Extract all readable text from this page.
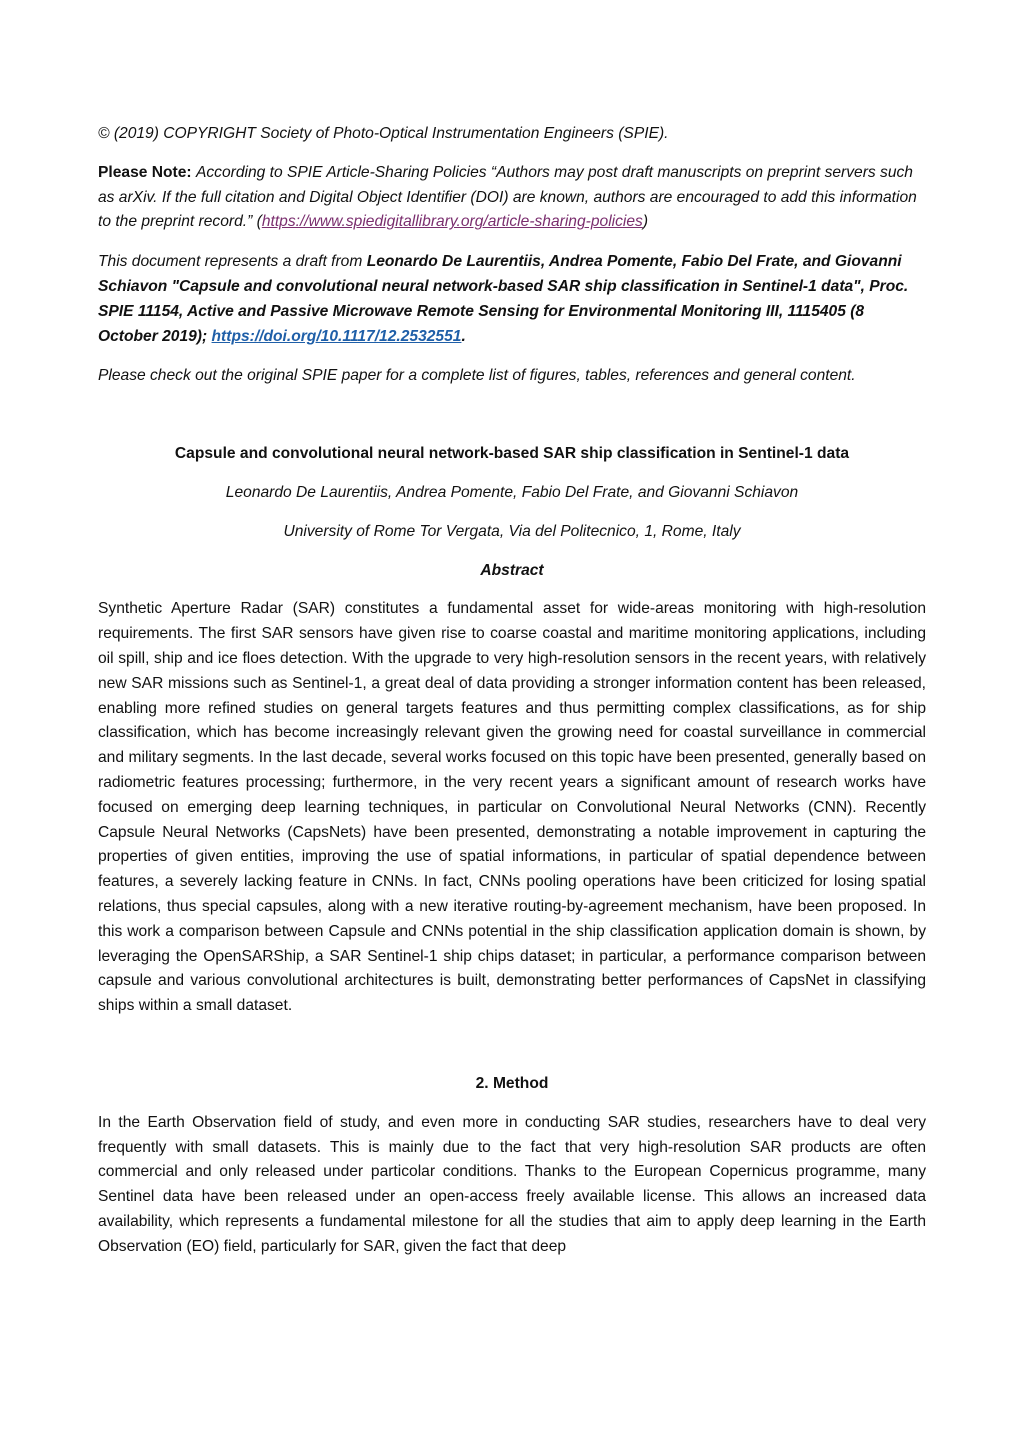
© (2019) COPYRIGHT Society of Photo-Optical Instrumentation Engineers (SPIE).

Please Note: According to SPIE Article-Sharing Policies “Authors may post draft manuscripts on preprint servers such as arXiv. If the full citation and Digital Object Identifier (DOI) are known, authors are encouraged to add this information to the preprint record.” (https://www.spiedigitallibrary.org/article-sharing-policies)

This document represents a draft from Leonardo De Laurentiis, Andrea Pomente, Fabio Del Frate, and Giovanni Schiavon "Capsule and convolutional neural network-based SAR ship classification in Sentinel-1 data", Proc. SPIE 11154, Active and Passive Microwave Remote Sensing for Environmental Monitoring III, 1115405 (8 October 2019); https://doi.org/10.1117/12.2532551.

Please check out the original SPIE paper for a complete list of figures, tables, references and general content.

Capsule and convolutional neural network-based SAR ship classification in Sentinel-1 data

Leonardo De Laurentiis, Andrea Pomente, Fabio Del Frate, and Giovanni Schiavon

University of Rome Tor Vergata, Via del Politecnico, 1, Rome, Italy

Abstract

Synthetic Aperture Radar (SAR) constitutes a fundamental asset for wide-areas monitoring with high-resolution requirements. The first SAR sensors have given rise to coarse coastal and maritime monitoring applications, including oil spill, ship and ice floes detection. With the upgrade to very high-resolution sensors in the recent years, with relatively new SAR missions such as Sentinel-1, a great deal of data providing a stronger information content has been released, enabling more refined studies on general targets features and thus permitting complex classifications, as for ship classification, which has become increasingly relevant given the growing need for coastal surveillance in commercial and military segments. In the last decade, several works focused on this topic have been presented, generally based on radiometric features processing; furthermore, in the very recent years a significant amount of research works have focused on emerging deep learning techniques, in particular on Convolutional Neural Networks (CNN). Recently Capsule Neural Networks (CapsNets) have been presented, demonstrating a notable improvement in capturing the properties of given entities, improving the use of spatial informations, in particular of spatial dependence between features, a severely lacking feature in CNNs. In fact, CNNs pooling operations have been criticized for losing spatial relations, thus special capsules, along with a new iterative routing-by-agreement mechanism, have been proposed. In this work a comparison between Capsule and CNNs potential in the ship classification application domain is shown, by leveraging the OpenSARShip, a SAR Sentinel-1 ship chips dataset; in particular, a performance comparison between capsule and various convolutional architectures is built, demonstrating better performances of CapsNet in classifying ships within a small dataset.

2. Method

In the Earth Observation field of study, and even more in conducting SAR studies, researchers have to deal very frequently with small datasets. This is mainly due to the fact that very high-resolution SAR products are often commercial and only released under particolar conditions. Thanks to the European Copernicus programme, many Sentinel data have been released under an open-access freely available license. This allows an increased data availability, which represents a fundamental milestone for all the studies that aim to apply deep learning in the Earth Observation (EO) field, particularly for SAR, given the fact that deep
